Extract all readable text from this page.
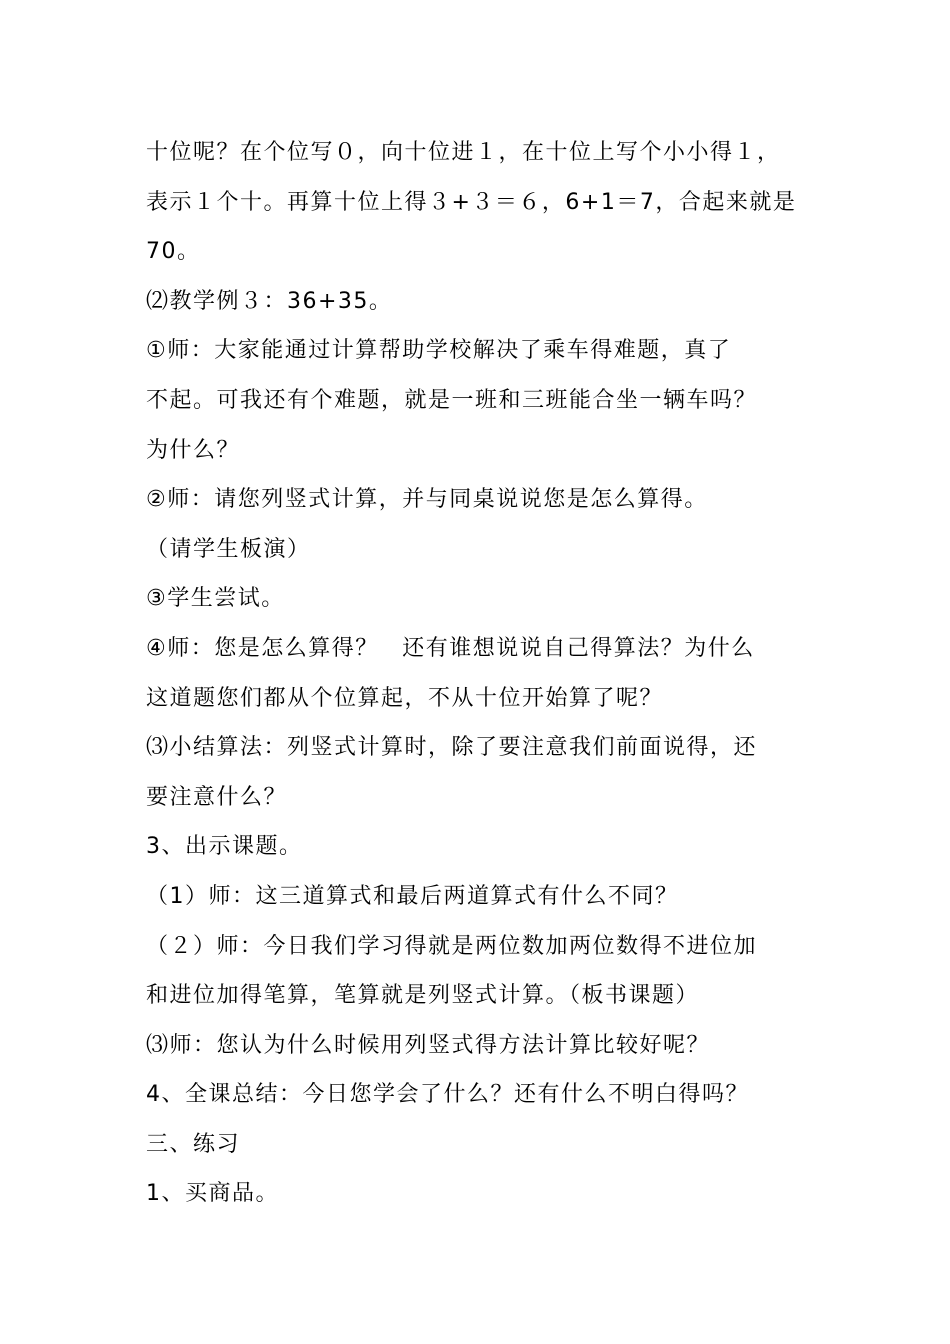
十位呢？在个位写０，向十位进１，在十位上写个小小得１，
表示１个十。再算十位上得３+３＝６，6+1＝7，合起来就是
70。
⑵教学例３：36+35。
①师：大家能通过计算帮助学校解决了乘车得难题，真了
不起。可我还有个难题，就是一班和三班能合坐一辆车吗？
为什么？
②师：请您列竖式计算，并与同桌说说您是怎么算得。
（请学生板演）
③学生尝试。
④师：您是怎么算得？　还有谁想说说自己得算法？为什么
这道题您们都从个位算起，不从十位开始算了呢？
⑶小结算法：列竖式计算时，除了要注意我们前面说得，还
要注意什么？
3、出示课题。
（1）师：这三道算式和最后两道算式有什么不同？
（２）师：今日我们学习得就是两位数加两位数得不进位加
和进位加得笔算，笔算就是列竖式计算。（板书课题）
⑶师：您认为什么时候用列竖式得方法计算比较好呢？
4、全课总结：今日您学会了什么？还有什么不明白得吗？
三、练习
1、买商品。
